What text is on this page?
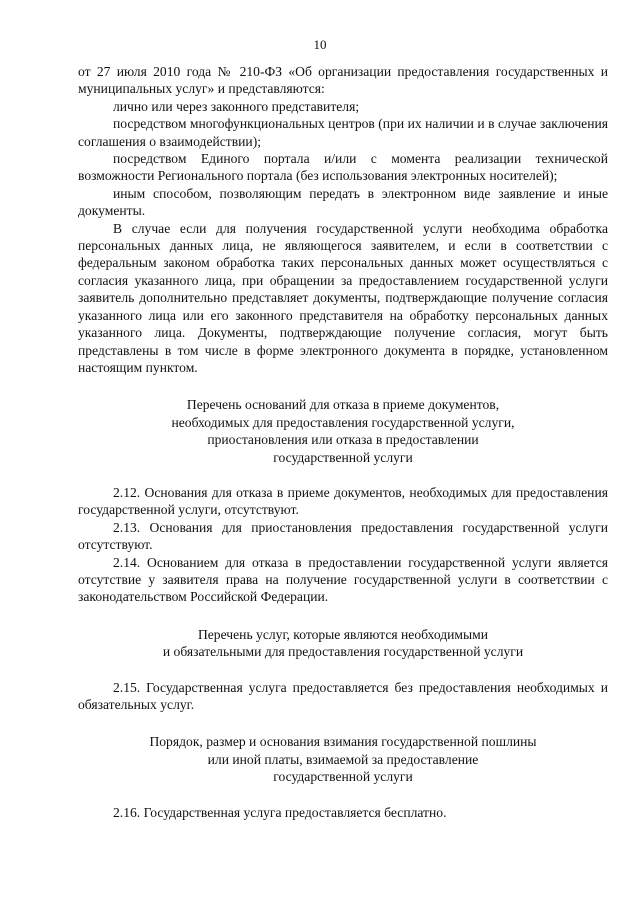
10

от 27 июля 2010 года № 210-ФЗ «Об организации предоставления государственных и муниципальных услуг» и представляются:

лично или через законного представителя;

посредством многофункциональных центров (при их наличии и в случае заключения соглашения о взаимодействии);

посредством Единого портала и/или с момента реализации технической возможности Регионального портала (без использования электронных носителей);

иным способом, позволяющим передать в электронном виде заявление и иные документы.

В случае если для получения государственной услуги необходима обработка персональных данных лица, не являющегося заявителем, и если в соответствии с федеральным законом обработка таких персональных данных может осуществляться с согласия указанного лица, при обращении за предоставлением государственной услуги заявитель дополнительно представляет документы, подтверждающие получение согласия указанного лица или его законного представителя на обработку персональных данных указанного лица. Документы, подтверждающие получение согласия, могут быть представлены в том числе в форме электронного документа в порядке, установленном настоящим пунктом.

Перечень оснований для отказа в приеме документов,

необходимых для предоставления государственной услуги,

приостановления или отказа в предоставлении

государственной услуги

2.12. Основания для отказа в приеме документов, необходимых для предоставления государственной услуги, отсутствуют.

2.13. Основания для приостановления предоставления государственной услуги отсутствуют.

2.14. Основанием для отказа в предоставлении государственной услуги является отсутствие у заявителя права на получение государственной услуги в соответствии с законодательством Российской Федерации.

Перечень услуг, которые являются необходимыми

и обязательными для предоставления государственной услуги

2.15. Государственная услуга предоставляется без предоставления необходимых и обязательных услуг.

Порядок, размер и основания взимания государственной пошлины

или иной платы, взимаемой за предоставление

государственной услуги

2.16. Государственная услуга предоставляется бесплатно.
